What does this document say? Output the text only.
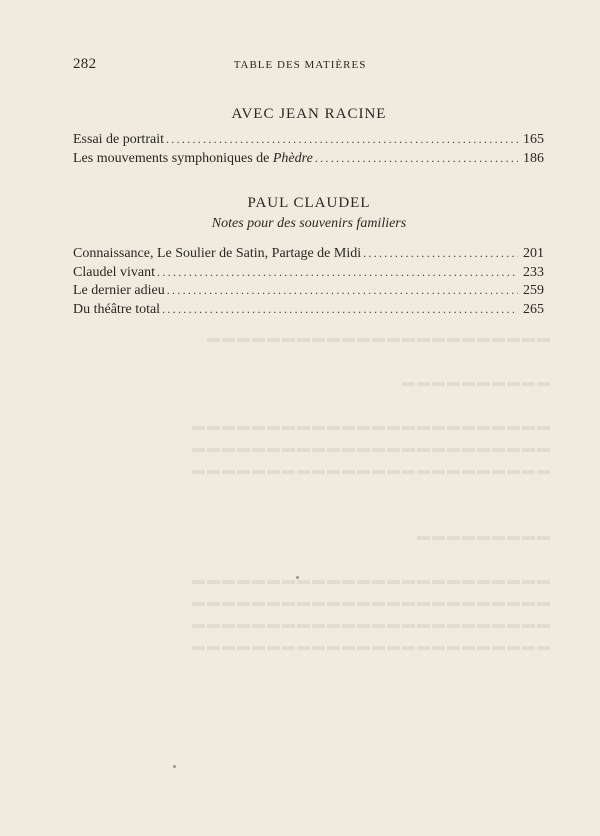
282	TABLE DES MATIÈRES
AVEC JEAN RACINE
Essai de portrait .....	165
Les mouvements symphoniques de Phèdre .....	186
PAUL CLAUDEL
Notes pour des souvenirs familiers
Connaissance, Le Soulier de Satin, Partage de Midi .....	201
Claudel vivant .....	233
Le dernier adieu .....	259
Du théâtre total .....	265
▬▬▬▬▬▬▬▬▬▬▬▬▬▬▬▬▬▬▬▬▬▬▬
▬▬▬▬▬▬▬▬▬▬
▬▬▬▬▬▬▬▬▬▬▬▬▬▬▬▬▬▬▬▬▬▬▬▬
▬▬▬▬▬▬▬▬▬▬▬▬▬▬▬▬▬▬▬▬▬▬▬▬
▬▬▬▬▬▬▬▬▬▬▬▬▬▬▬▬▬▬▬▬▬▬▬▬
▬▬▬▬▬▬▬▬▬
▬▬▬▬▬▬▬▬▬▬▬▬▬▬▬▬▬▬▬▬▬▬▬▬
▬▬▬▬▬▬▬▬▬▬▬▬▬▬▬▬▬▬▬▬▬▬▬▬
▬▬▬▬▬▬▬▬▬▬▬▬▬▬▬▬▬▬▬▬▬▬▬▬
▬▬▬▬▬▬▬▬▬▬▬▬▬▬▬▬▬▬▬▬▬▬▬▬
